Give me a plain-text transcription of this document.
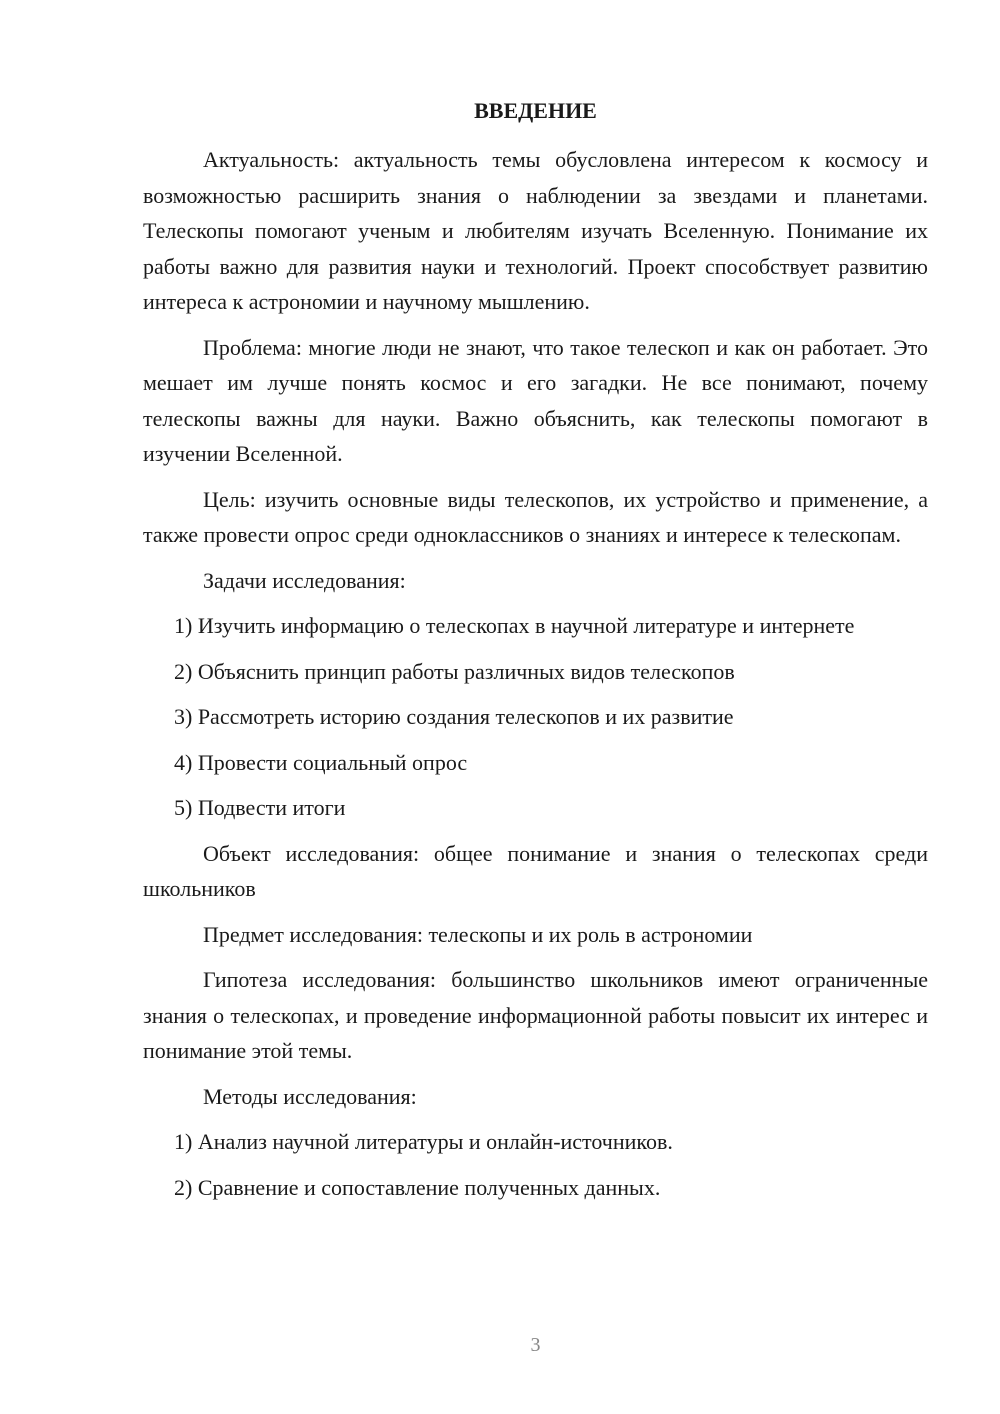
ВВЕДЕНИЕ

Актуальность: актуальность темы обусловлена интересом к космосу и возможностью расширить знания о наблюдении за звездами и планетами. Телескопы помогают ученым и любителям изучать Вселенную. Понимание их работы важно для развития науки и технологий. Проект способствует развитию интереса к астрономии и научному мышлению.

Проблема: многие люди не знают, что такое телескоп и как он работает. Это мешает им лучше понять космос и его загадки. Не все понимают, почему телескопы важны для науки. Важно объяснить, как телескопы помогают в изучении Вселенной.

Цель: изучить основные виды телескопов, их устройство и применение, а также провести опрос среди одноклассников о знаниях и интересе к телескопам.

Задачи исследования:

1) Изучить информацию о телескопах в научной литературе и интернете

2) Объяснить принцип работы различных видов телескопов

3) Рассмотреть историю создания телескопов и их развитие

4) Провести социальный опрос

5) Подвести итоги

Объект исследования: общее понимание и знания о телескопах среди школьников

Предмет исследования: телескопы и их роль в астрономии

Гипотеза исследования: большинство школьников имеют ограниченные знания о телескопах, и проведение информационной работы повысит их интерес и понимание этой темы.

Методы исследования:

1) Анализ научной литературы и онлайн-источников.

2) Сравнение и сопоставление полученных данных.

3
